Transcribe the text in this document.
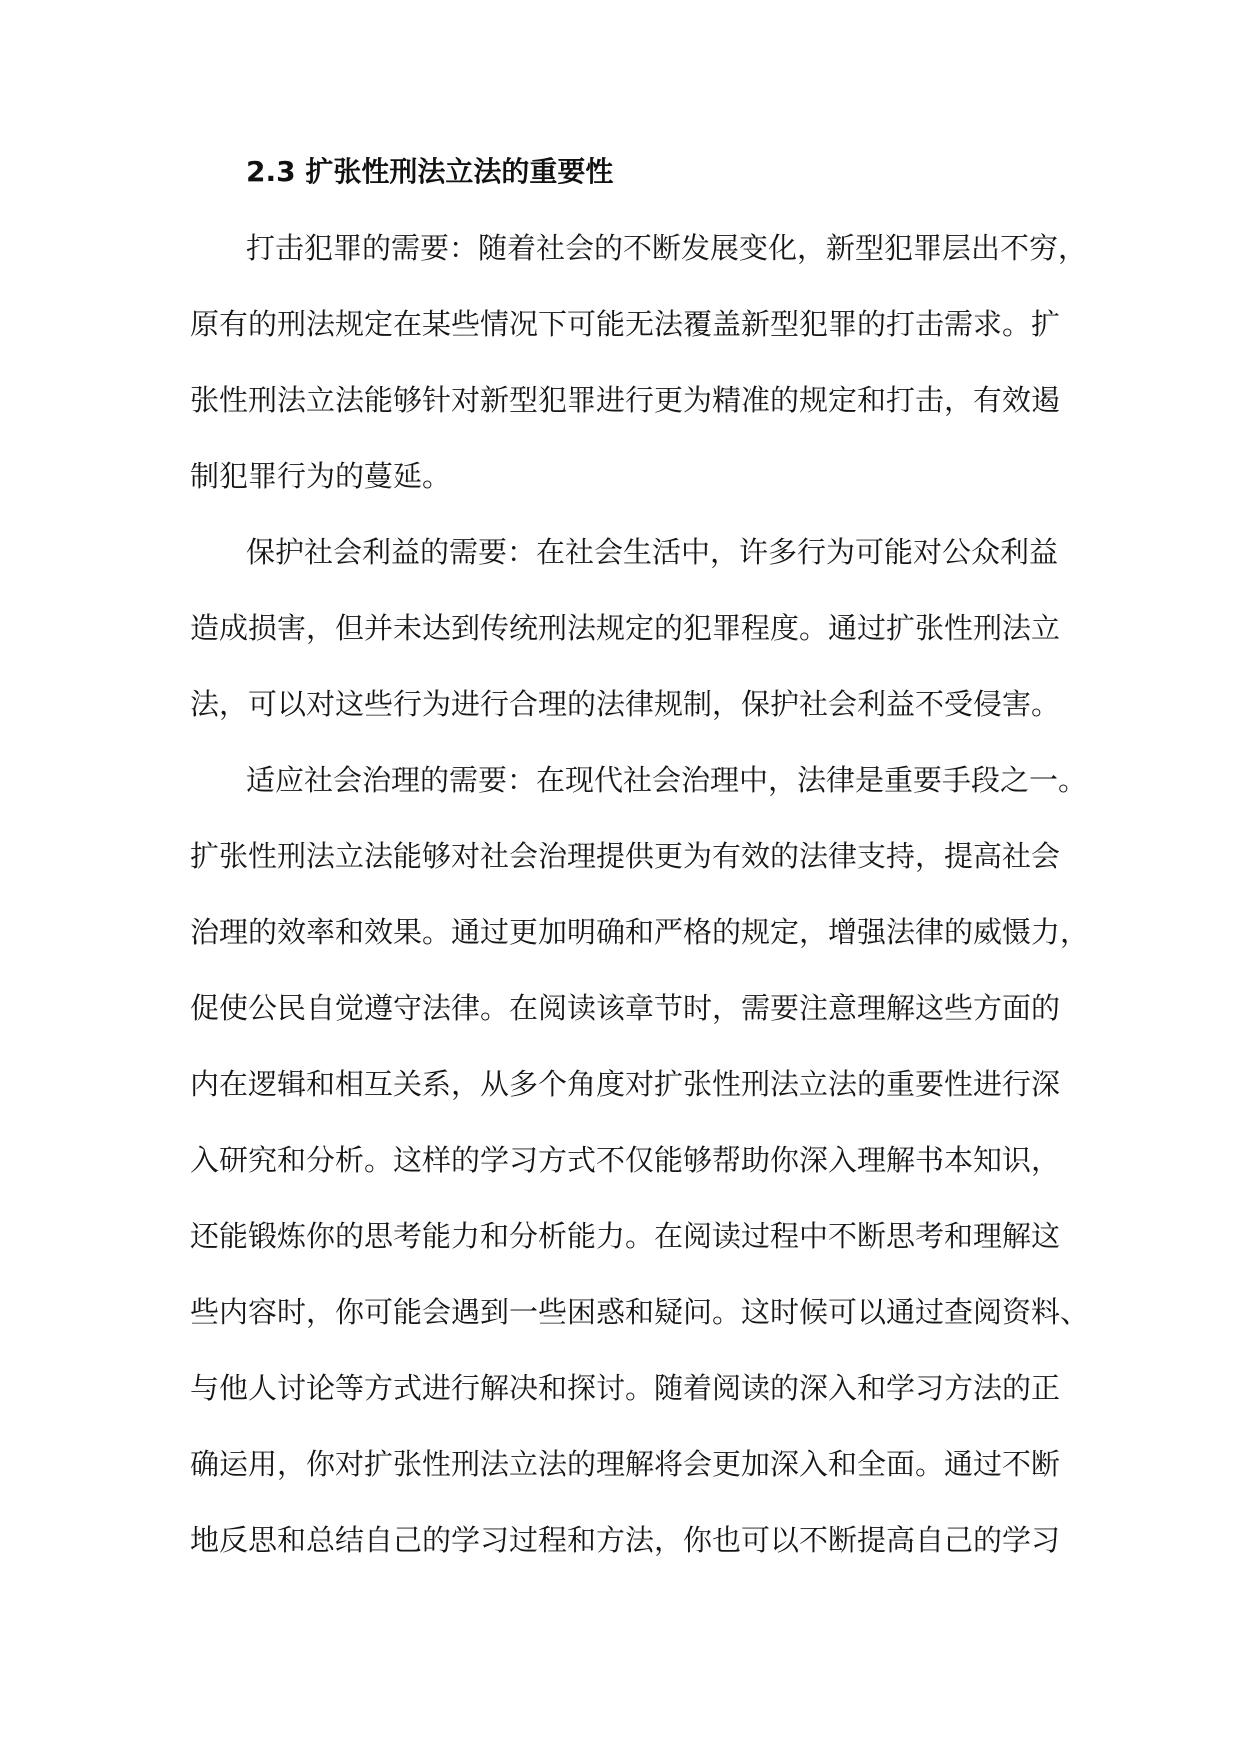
2.3 扩张性刑法立法的重要性
打击犯罪的需要：随着社会的不断发展变化，新型犯罪层出不穷，
原有的刑法规定在某些情况下可能无法覆盖新型犯罪的打击需求。扩
张性刑法立法能够针对新型犯罪进行更为精准的规定和打击，有效遏
制犯罪行为的蔓延。
保护社会利益的需要：在社会生活中，许多行为可能对公众利益
造成损害，但并未达到传统刑法规定的犯罪程度。通过扩张性刑法立
法，可以对这些行为进行合理的法律规制，保护社会利益不受侵害。
适应社会治理的需要：在现代社会治理中，法律是重要手段之一。
扩张性刑法立法能够对社会治理提供更为有效的法律支持，提高社会
治理的效率和效果。通过更加明确和严格的规定，增强法律的威慑力，
促使公民自觉遵守法律。在阅读该章节时，需要注意理解这些方面的
内在逻辑和相互关系，从多个角度对扩张性刑法立法的重要性进行深
入研究和分析。这样的学习方式不仅能够帮助你深入理解书本知识，
还能锻炼你的思考能力和分析能力。在阅读过程中不断思考和理解这
些内容时，你可能会遇到一些困惑和疑问。这时候可以通过查阅资料、
与他人讨论等方式进行解决和探讨。随着阅读的深入和学习方法的正
确运用，你对扩张性刑法立法的理解将会更加深入和全面。通过不断
地反思和总结自己的学习过程和方法，你也可以不断提高自己的学习
